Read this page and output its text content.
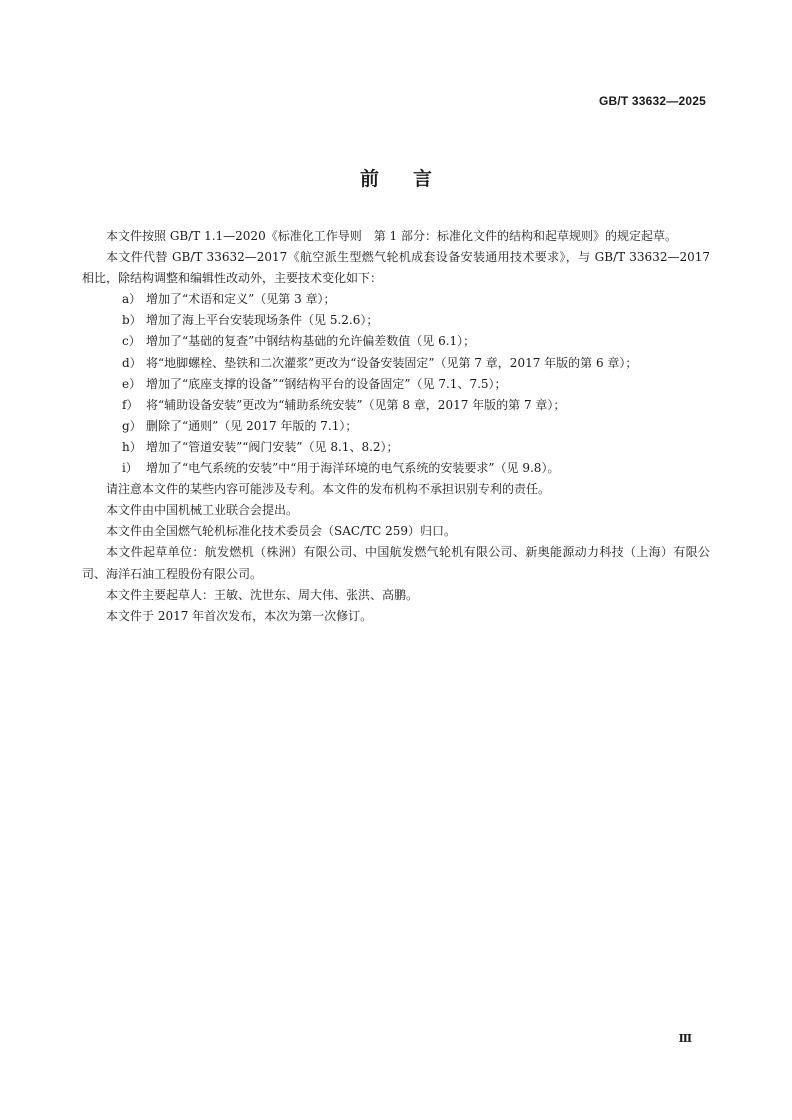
GB/T 33632—2025
前 言

本文件按照 GB/T 1.1—2020《标准化工作导则　第 1 部分：标准化文件的结构和起草规则》的规定起草。

本文件代替 GB/T 33632—2017《航空派生型燃气轮机成套设备安装通用技术要求》，与 GB/T 33632—2017 相比，除结构调整和编辑性改动外，主要技术变化如下：

a） 增加了“术语和定义”（见第 3 章）；
b） 增加了海上平台安装现场条件（见 5.2.6）；
c） 增加了“基础的复查”中钢结构基础的允许偏差数值（见 6.1）；
d） 将“地脚螺栓、垫铁和二次灌浆”更改为“设备安装固定”（见第 7 章，2017 年版的第 6 章）；
e） 增加了“底座支撑的设备”“钢结构平台的设备固定”（见 7.1、7.5）；
f） 将“辅助设备安装”更改为“辅助系统安装”（见第 8 章，2017 年版的第 7 章）；
g） 删除了“通则”（见 2017 年版的 7.1）；
h） 增加了“管道安装”“阀门安装”（见 8.1、8.2）；
i） 增加了“电气系统的安装”中“用于海洋环境的电气系统的安装要求”（见 9.8）。

请注意本文件的某些内容可能涉及专利。本文件的发布机构不承担识别专利的责任。

本文件由中国机械工业联合会提出。

本文件由全国燃气轮机标准化技术委员会（SAC/TC 259）归口。

本文件起草单位：航发燃机（株洲）有限公司、中国航发燃气轮机有限公司、新奥能源动力科技（上海）有限公司、海洋石油工程股份有限公司。

本文件主要起草人：王敏、沈世东、周大伟、张洪、高鹏。

本文件于 2017 年首次发布，本次为第一次修订。

Ⅲ
